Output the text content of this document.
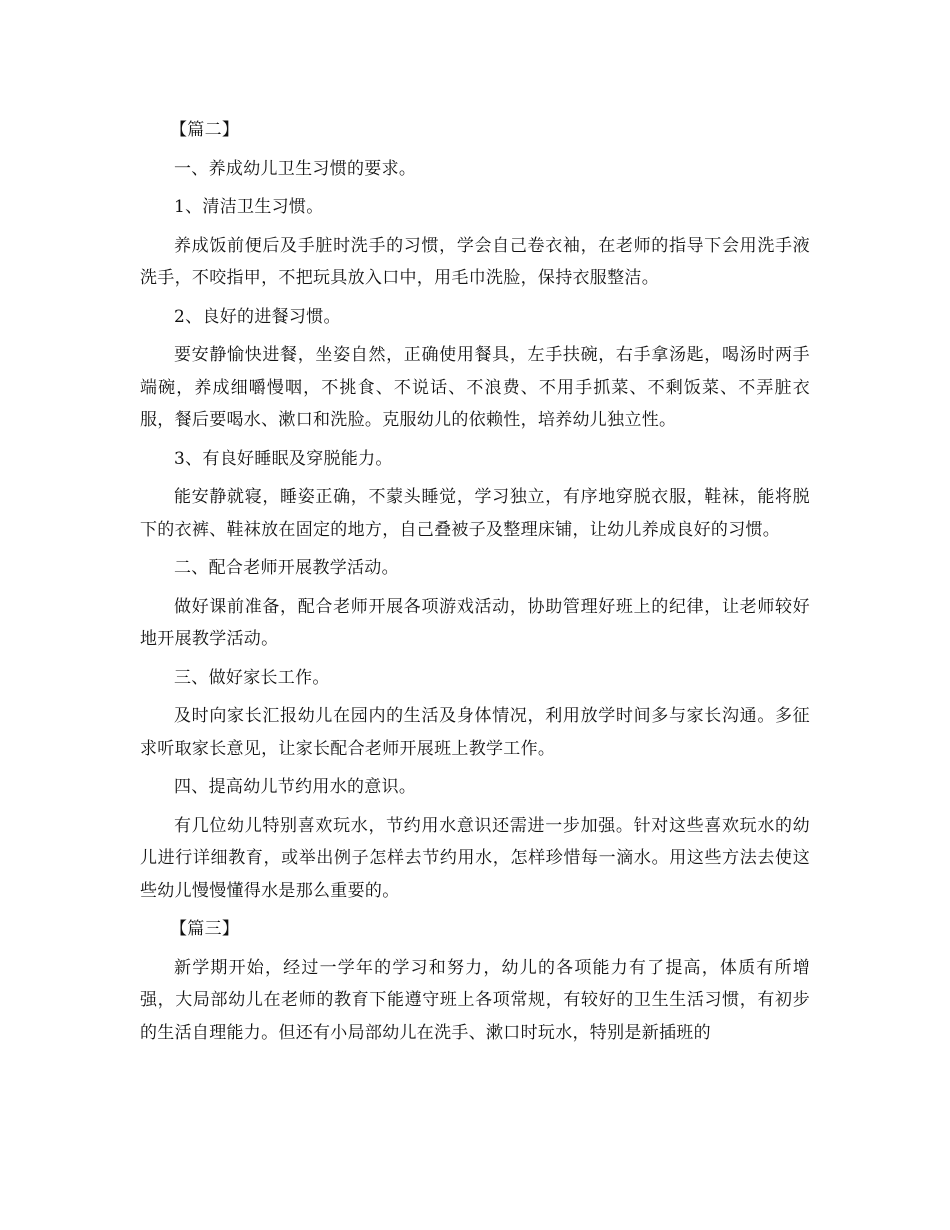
【篇二】

一、养成幼儿卫生习惯的要求。

1、清洁卫生习惯。

养成饭前便后及手脏时洗手的习惯，学会自己卷衣袖，在老师的指导下会用洗手液洗手，不咬指甲，不把玩具放入口中，用毛巾洗脸，保持衣服整洁。

2、良好的进餐习惯。

要安静愉快进餐，坐姿自然，正确使用餐具，左手扶碗，右手拿汤匙，喝汤时两手端碗，养成细嚼慢咽，不挑食、不说话、不浪费、不用手抓菜、不剩饭菜、不弄脏衣服，餐后要喝水、漱口和洗脸。克服幼儿的依赖性，培养幼儿独立性。

3、有良好睡眠及穿脱能力。

能安静就寝，睡姿正确，不蒙头睡觉，学习独立，有序地穿脱衣服，鞋袜，能将脱下的衣裤、鞋袜放在固定的地方，自己叠被子及整理床铺，让幼儿养成良好的习惯。

二、配合老师开展教学活动。

做好课前准备，配合老师开展各项游戏活动，协助管理好班上的纪律，让老师较好地开展教学活动。

三、做好家长工作。

及时向家长汇报幼儿在园内的生活及身体情况，利用放学时间多与家长沟通。多征求听取家长意见，让家长配合老师开展班上教学工作。

四、提高幼儿节约用水的意识。

有几位幼儿特别喜欢玩水，节约用水意识还需进一步加强。针对这些喜欢玩水的幼儿进行详细教育，或举出例子怎样去节约用水，怎样珍惜每一滴水。用这些方法去使这些幼儿慢慢懂得水是那么重要的。

【篇三】

新学期开始，经过一学年的学习和努力，幼儿的各项能力有了提高，体质有所增强，大局部幼儿在老师的教育下能遵守班上各项常规，有较好的卫生生活习惯，有初步的生活自理能力。但还有小局部幼儿在洗手、漱口时玩水，特别是新插班的
